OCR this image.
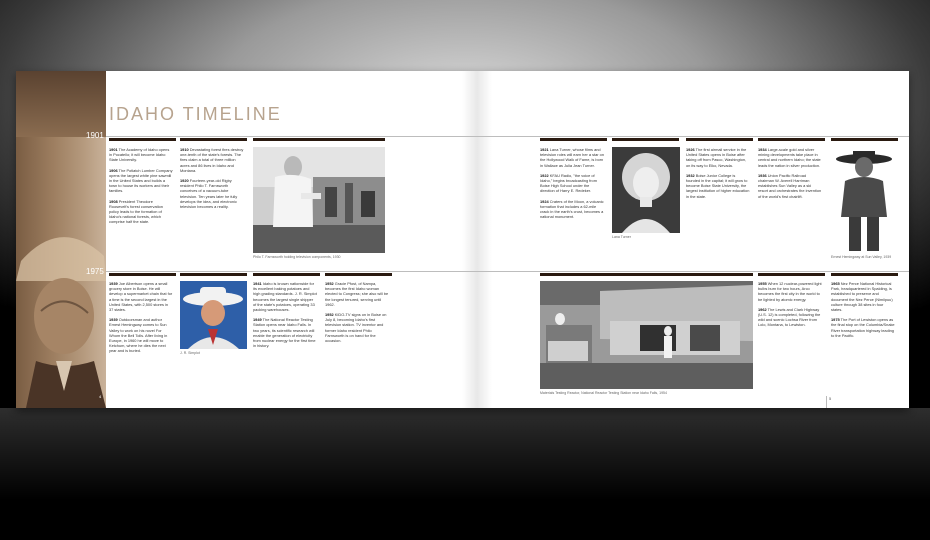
1901
1975
4
IDAHO TIMELINE

1901 The Academy of Idaho opens in Pocatello; it will become Idaho State University.

1906 The Potlatch Lumber Company opens the largest white pine sawmill in the United States and builds a town to house its workers and their families.

1908 President Theodore Roosevelt's forest conservation policy leads to the formation of Idaho's national forests, which comprise half the state.

1910 Devastating forest fires destroy one-tenth of the state's forests. The fires claim a total of three million acres and 86 lives in Idaho and Montana.

1920 Fourteen-year-old Rigby resident Philo T. Farnsworth conceives of a vacuum-tube television. Ten years later he fully develops the idea, and electronic television becomes a reality.

Philo T. Farnsworth holding television components, 1930

1921 Lana Turner, whose films and television roles will earn her a star on the Hollywood Walk of Fame, is born in Wallace as Julia Jean Turner.

1922 KFAU Radio, "the voice of Idaho," begins broadcasting from Boise High School under the direction of Harry E. Redeker.

1924 Craters of the Moon, a volcanic formation that includes a 62-mile crack in the earth's crust, becomes a national monument.

Lana Turner

1926 The first airmail service in the United States opens in Boise after taking off from Pasco, Washington, on its way to Elko, Nevada.

1932 Boise Junior College is founded in the capital; it will grow to become Boise State University, the largest institution of higher education in the state.

1934 Large-scale gold and silver mining developments take place in central and northern Idaho; the state leads the nation in silver production.

1936 Union Pacific Railroad chairman W. Averell Harriman establishes Sun Valley as a ski resort and orchestrates the invention of the world's first chairlift.

Ernest Hemingway at Sun Valley, 1939

1939 Joe Albertson opens a small grocery store in Boise. He will develop a supermarket chain that for a time is the second largest in the United States, with 2,500 stores in 37 states.

1939 Outdoorsman and author Ernest Hemingway comes to Sun Valley to work on his novel For Whom the Bell Tolls. After living in Europe, in 1960 he will move to Ketchum, where he dies the next year and is buried.	J. R. Simplot

1941 Idaho is known nationwide for its excellent baking potatoes and high grading standards. J. R. Simplot becomes the largest single shipper of the state's potatoes, operating 33 packing warehouses.

1949 The National Reactor Testing Station opens near Idaho Falls. In two years, its scientific research will enable the generation of electricity from nuclear energy for the first time in history.

1952 Gracie Pfost, of Nampa, becomes the first Idaho woman elected to Congress; she also will be the longest tenured, serving until 1962.

1952 KIDO-TV signs on in Boise on July 8, becoming Idaho's first television station. TV inventor and former Idaho resident Philo Farnsworth is on hand for the occasion.

Materials Testing Reactor, National Reactor Testing Station near Idaho Falls, 1954

1955 When 12 nuclear-powered light bulbs burn for two hours, Arco becomes the first city in the world to be lighted by atomic energy.

1962 The Lewis and Clark Highway (U.S. 12) is completed, following the wild and scenic Lochsa River from Lolo, Montana, to Lewiston.

1965 Nez Perce National Historical Park, headquartered in Spalding, is established to preserve and document the Nez Perce (Nimiipuu) culture through 38 sites in four states.

1975 The Port of Lewiston opens as the final stop on the Columbia/Snake River transportation highway leading to the Pacific.

5
